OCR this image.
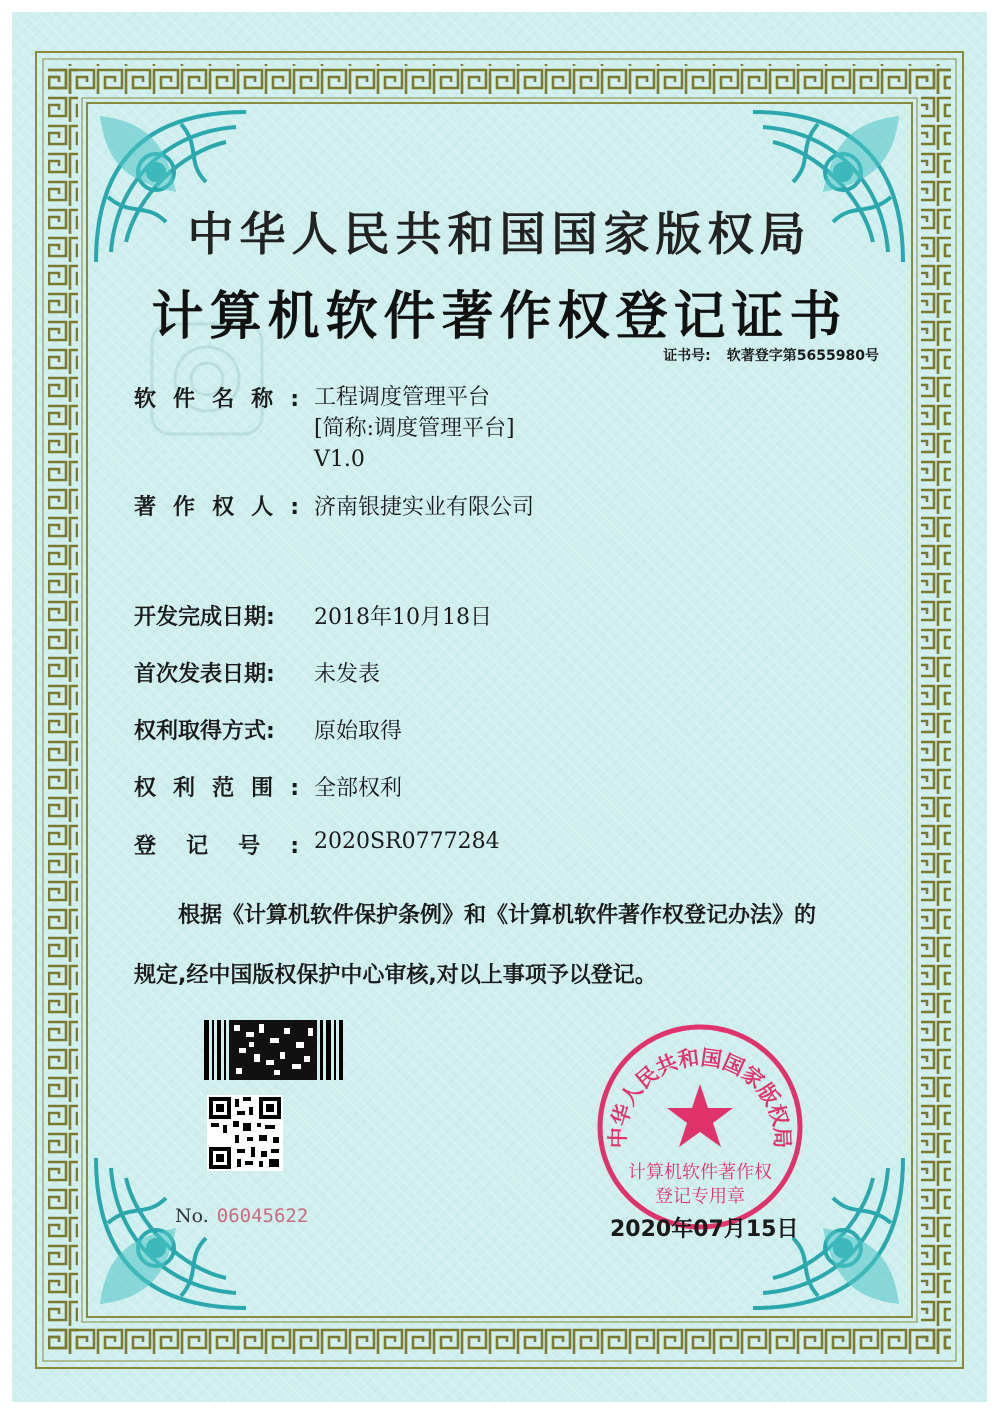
中华人民共和国国家版权局
计算机软件著作权登记证书
证书号: 软著登字第5655980号
软件名称: 工程调度管理平台
[简称:调度管理平台]
V1.0
著作权人: 济南银捷实业有限公司
开发完成日期:	2018年10月18日
首次发表日期:	未发表
权利取得方式:	原始取得
权利范围: 全部权利
登记号: 2020SR0777284
根据《计算机软件保护条例》和《计算机软件著作权登记办法》的
规定,经中国版权保护中心审核,对以上事项予以登记。
No. 06045622
中华人民共和国国家版权局
计算机软件著作权
登记专用章
2020年07月15日
